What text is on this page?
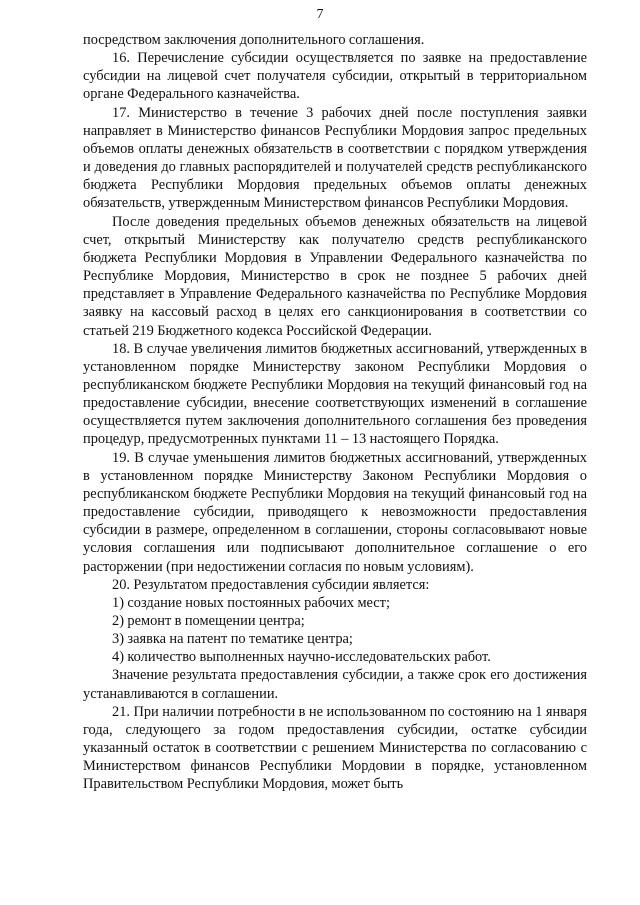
7

посредством заключения дополнительного соглашения.

16. Перечисление субсидии осуществляется по заявке на предоставление субсидии на лицевой счет получателя субсидии, открытый в территориальном органе Федерального казначейства.

17. Министерство в течение 3 рабочих дней после поступления заявки направляет в Министерство финансов Республики Мордовия запрос предельных объемов оплаты денежных обязательств в соответствии с порядком утверждения и доведения до главных распорядителей и получателей средств республиканского бюджета Республики Мордовия предельных объемов оплаты денежных обязательств, утвержденным Министерством финансов Республики Мордовия.

После доведения предельных объемов денежных обязательств на лицевой счет, открытый Министерству как получателю средств республиканского бюджета Республики Мордовия в Управлении Федерального казначейства по Республике Мордовия, Министерство в срок не позднее 5 рабочих дней представляет в Управление Федерального казначейства по Республике Мордовия заявку на кассовый расход в целях его санкционирования в соответствии со статьей 219 Бюджетного кодекса Российской Федерации.

18. В случае увеличения лимитов бюджетных ассигнований, утвержденных в установленном порядке Министерству законом Республики Мордовия о республиканском бюджете Республики Мордовия на текущий финансовый год на предоставление субсидии, внесение соответствующих изменений в соглашение осуществляется путем заключения дополнительного соглашения без проведения процедур, предусмотренных пунктами 11 – 13 настоящего Порядка.

19. В случае уменьшения лимитов бюджетных ассигнований, утвержденных в установленном порядке Министерству Законом Республики Мордовия о республиканском бюджете Республики Мордовия на текущий финансовый год на предоставление субсидии, приводящего к невозможности предоставления субсидии в размере, определенном в соглашении, стороны согласовывают новые условия соглашения или подписывают дополнительное соглашение о его расторжении (при недостижении согласия по новым условиям).

20. Результатом предоставления субсидии является:

1) создание новых постоянных рабочих мест;

2) ремонт в помещении центра;

3) заявка на патент по тематике центра;

4) количество выполненных научно-исследовательских работ.

Значение результата предоставления субсидии, а также срок его достижения устанавливаются в соглашении.

21. При наличии потребности в не использованном по состоянию на 1 января года, следующего за годом предоставления субсидии, остатке субсидии указанный остаток в соответствии с решением Министерства по согласованию с Министерством финансов Республики Мордовии в порядке, установленном Правительством Республики Мордовия, может быть
